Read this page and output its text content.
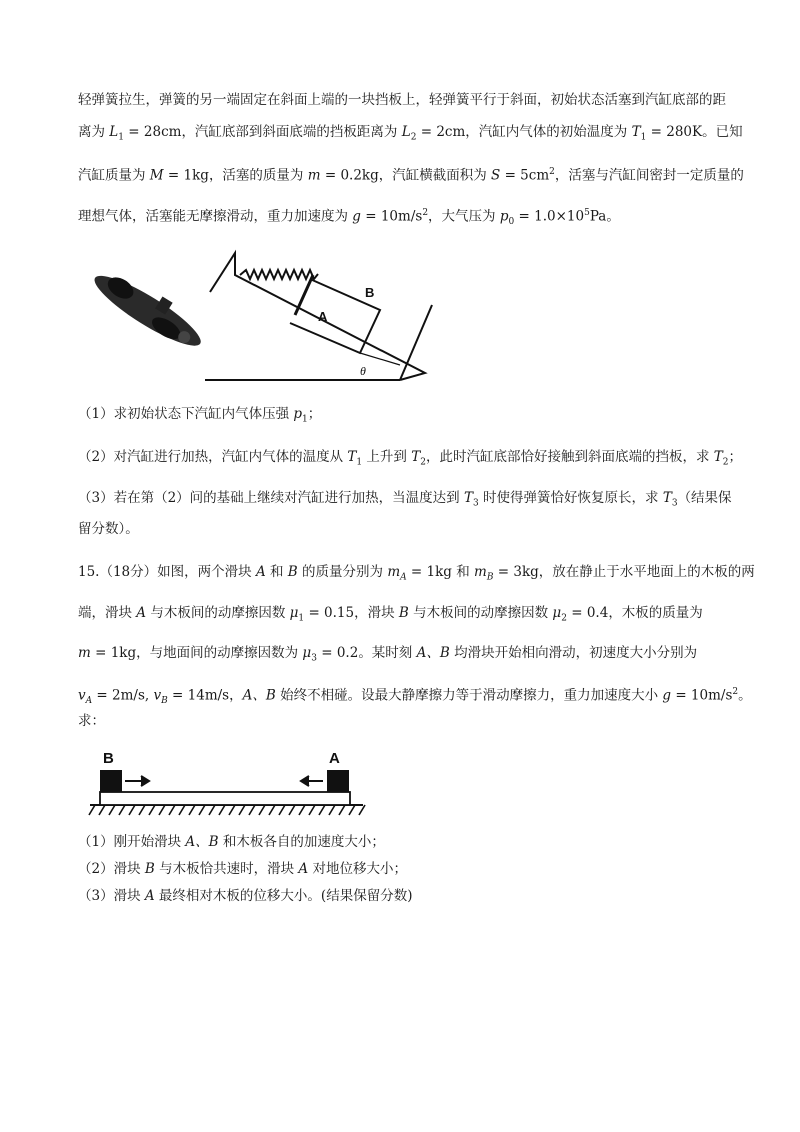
轻弹簧拉生，弹簧的另一端固定在斜面上端的一块挡板上，轻弹簧平行于斜面，初始状态活塞到汽缸底部的距
离为 $L_1 = 28cm$，汽缸底部到斜面底端的挡板距离为 $L_2 = 2cm$，汽缸内气体的初始温度为 $T_1 = 280K$。已知
汽缸质量为 M = 1kg，活塞的质量为 m = 0.2kg，汽缸横截面积为 $S = 5cm^2$，活塞与汽缸间密封一定质量的
理想气体，活塞能无摩擦滑动，重力加速度为 $g = 10m/s^2$，大气压为 $p_0 = 1.0\times 10^5Pa$。
B
A
θ
（1）求初始状态下汽缸内气体压强 $p_1$；
（2）对汽缸进行加热，汽缸内气体的温度从 $T_1$ 上升到 $T_2$，此时汽缸底部恰好接触到斜面底端的挡板，求 $T_2$；
（3）若在第（2）问的基础上继续对汽缸进行加热，当温度达到 $T_3$ 时使得弹簧恰好恢复原长，求 $T_3$（结果保
留分数）。
15.（18分）如图，两个滑块 A 和 B 的质量分别为 $m_A = 1kg$ 和 $m_B = 3kg$，放在静止于水平地面上的木板的两
端，滑块 A 与木板间的动摩擦因数 $\mu_1 = 0.15$，滑块 B 与木板间的动摩擦因数 $\mu_2 = 0.4$，木板的质量为
m = 1kg，与地面间的动摩擦因数为 $\mu_3 = 0.2$。某时刻 A、B 均滑块开始相向滑动，初速度大小分别为
$v_A = 2m/s$, $v_B = 14m/s$，A、B 始终不相碰。设最大静摩擦力等于滑动摩擦力，重力加速度大小 $g = 10m/s^2$。
求：
B	A
（1）刚开始滑块 A、B 和木板各自的加速度大小；
（2）滑块 B 与木板恰共速时，滑块 A 对地位移大小；
（3）滑块 A 最终相对木板的位移大小。(结果保留分数)
